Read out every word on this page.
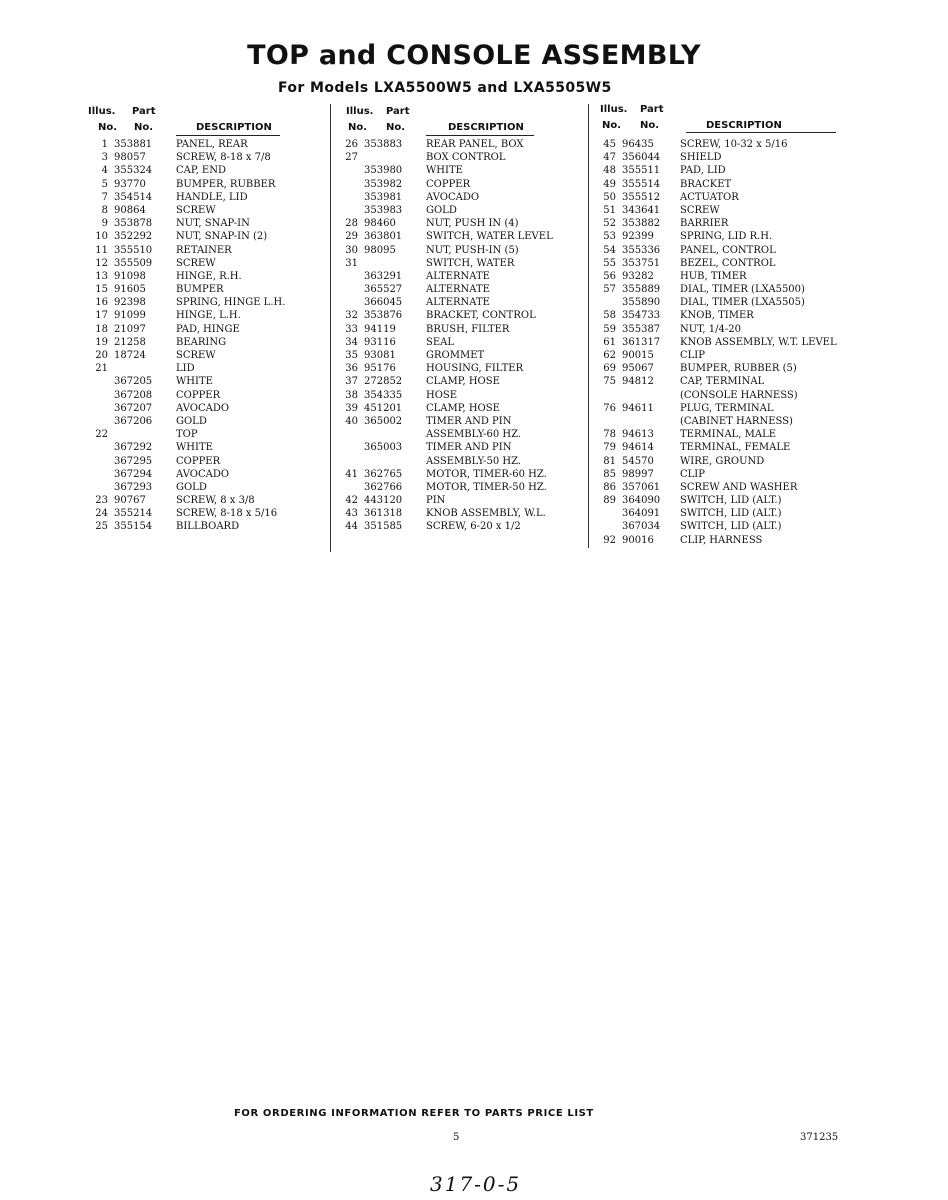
TOP and CONSOLE ASSEMBLY
For Models LXA5500W5 and LXA5505W5
Illus. Part
No. No.	DESCRIPTION
1 353881 PANEL, REAR
3 98057	SCREW, 8-18 x 7/8
4 355324 CAP, END
5 93770	BUMPER, RUBBER
7 354514 HANDLE, LID
8 90864	SCREW
9 353878 NUT, SNAP-IN
10 352292 NUT, SNAP-IN (2)
11 355510 RETAINER
12 355509 SCREW
13 91098	HINGE, R.H.
15 91605	BUMPER
16 92398	SPRING, HINGE L.H.
17 91099	HINGE, L.H.
18 21097	PAD, HINGE
19 21258	BEARING
20 18724	SCREW
21	LID
367205 WHITE
367208 COPPER
367207 AVOCADO
367206 GOLD
22	TOP
367292 WHITE
367295 COPPER
367294 AVOCADO
367293 GOLD
23 90767	SCREW, 8 x 3/8
24 355214 SCREW, 8-18 x 5/16
25 355154 BILLBOARD
Illus. Part
No. No.	DESCRIPTION
26 353883 REAR PANEL, BOX
27	BOX CONTROL
353980 WHITE
353982 COPPER
353981 AVOCADO
353983 GOLD
28 98460	NUT, PUSH IN (4)
29 363801 SWITCH, WATER LEVEL
30 98095	NUT, PUSH-IN (5)
31	SWITCH, WATER
363291 ALTERNATE
365527 ALTERNATE
366045 ALTERNATE
32 353876 BRACKET, CONTROL
33 94119	BRUSH, FILTER
34 93116	SEAL
35 93081	GROMMET
36 95176	HOUSING, FILTER
37 272852 CLAMP, HOSE
38 354335 HOSE
39 451201 CLAMP, HOSE
40 365002 TIMER AND PIN
ASSEMBLY-60 HZ.
365003 TIMER AND PIN
ASSEMBLY-50 HZ.
41 362765 MOTOR, TIMER-60 HZ.
362766 MOTOR, TIMER-50 HZ.
42 443120 PIN
43 361318 KNOB ASSEMBLY, W.L.
44 351585 SCREW, 6-20 x 1/2
Illus. Part
No. No.	DESCRIPTION
45 96435	SCREW, 10-32 x 5/16
47 356044 SHIELD
48 355511 PAD, LID
49 355514 BRACKET
50 355512 ACTUATOR
51 343641 SCREW
52 353882 BARRIER
53 92399	SPRING, LID R.H.
54 355336 PANEL, CONTROL
55 353751 BEZEL, CONTROL
56 93282	HUB, TIMER
57 355889 DIAL, TIMER (LXA5500)
355890 DIAL, TIMER (LXA5505)
58 354733 KNOB, TIMER
59 355387 NUT, 1/4-20
61 361317 KNOB ASSEMBLY, W.T. LEVEL
62 90015	CLIP
69 95067	BUMPER, RUBBER (5)
75 94812	CAP, TERMINAL
(CONSOLE HARNESS)
76 94611	PLUG, TERMINAL
(CABINET HARNESS)
78 94613	TERMINAL, MALE
79 94614	TERMINAL, FEMALE
81 54570	WIRE, GROUND
85 98997	CLIP
86 357061 SCREW AND WASHER
89 364090 SWITCH, LID (ALT.)
364091 SWITCH, LID (ALT.)
367034 SWITCH, LID (ALT.)
92 90016	CLIP, HARNESS
FOR ORDERING INFORMATION REFER TO PARTS PRICE LIST
5	371235
317-0-5
